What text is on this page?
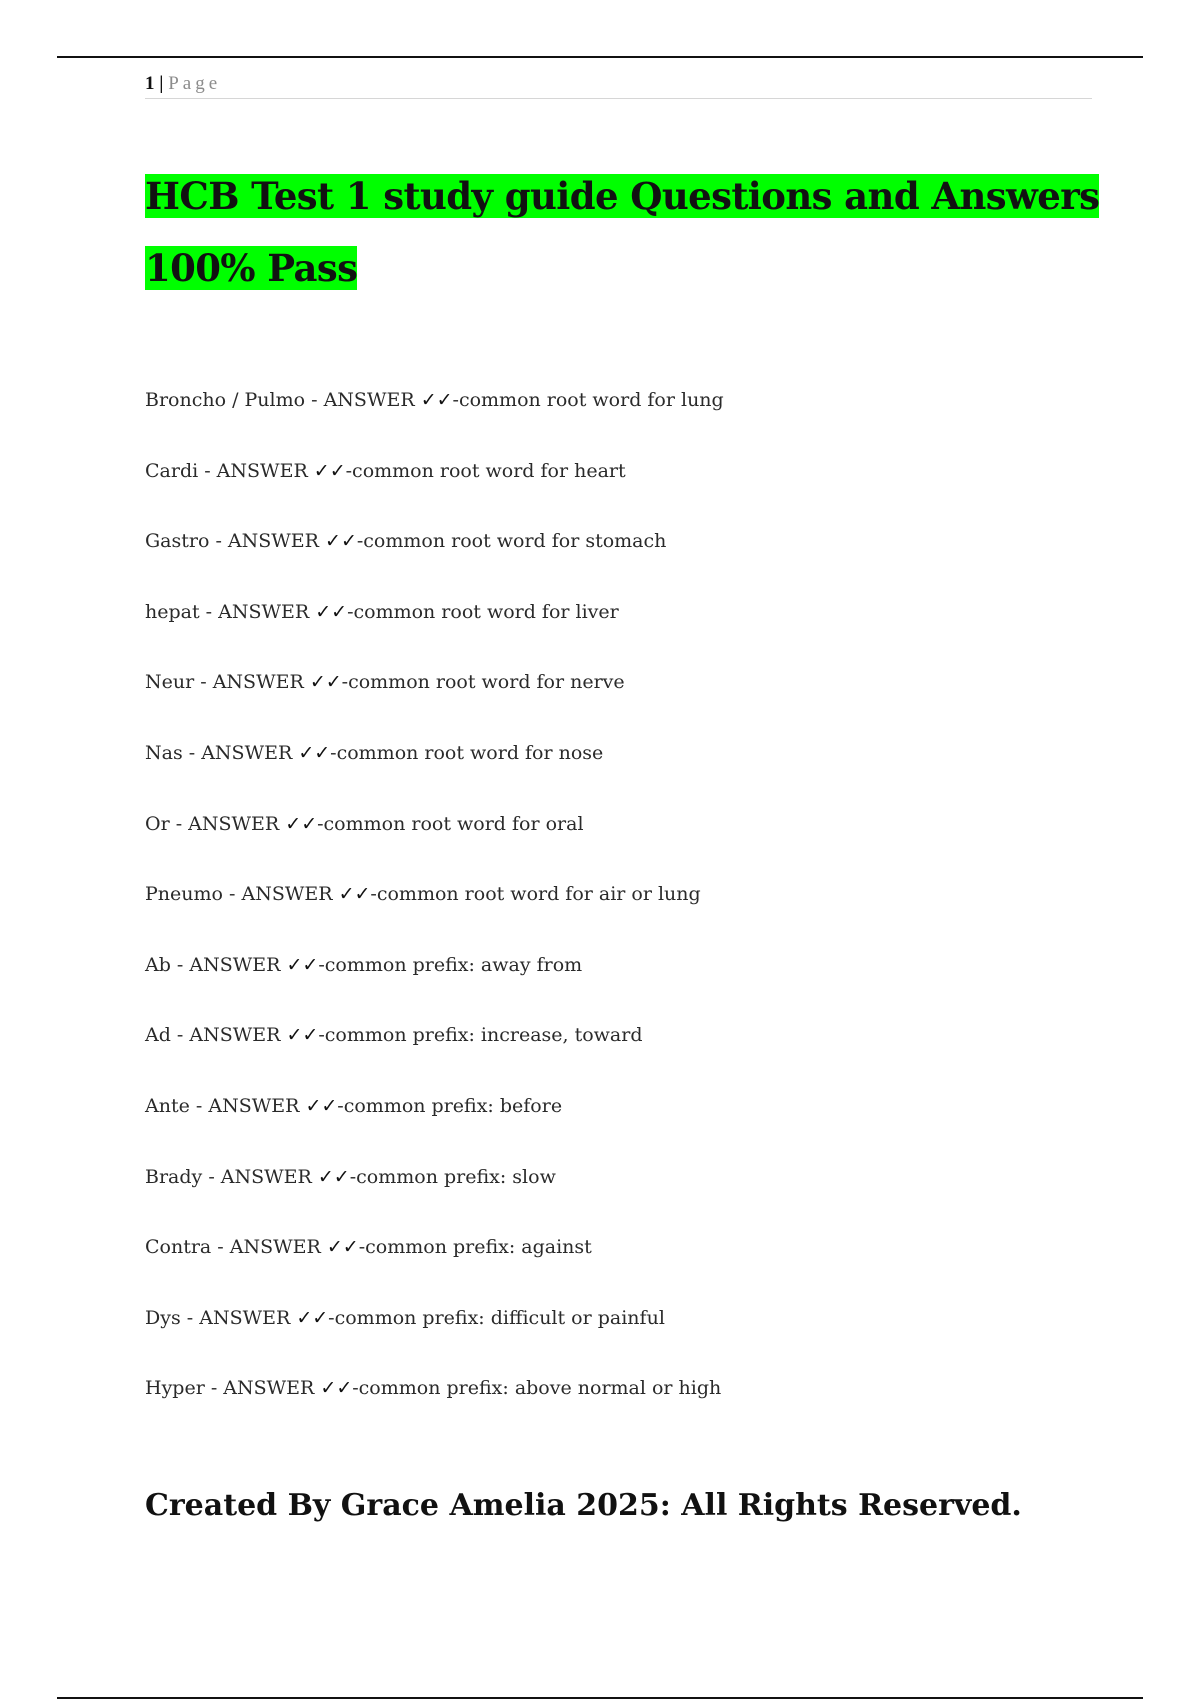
1 | Page
HCB Test 1 study guide Questions and Answers
100% Pass
Broncho / Pulmo - ANSWER ✓✓-common root word for lung
Cardi - ANSWER ✓✓-common root word for heart
Gastro - ANSWER ✓✓-common root word for stomach
hepat - ANSWER ✓✓-common root word for liver
Neur - ANSWER ✓✓-common root word for nerve
Nas - ANSWER ✓✓-common root word for nose
Or - ANSWER ✓✓-common root word for oral
Pneumo - ANSWER ✓✓-common root word for air or lung
Ab - ANSWER ✓✓-common prefix: away from
Ad - ANSWER ✓✓-common prefix: increase, toward
Ante - ANSWER ✓✓-common prefix: before
Brady - ANSWER ✓✓-common prefix: slow
Contra - ANSWER ✓✓-common prefix: against
Dys - ANSWER ✓✓-common prefix: difficult or painful
Hyper - ANSWER ✓✓-common prefix: above normal or high

Created By Grace Amelia 2025: All Rights Reserved.
